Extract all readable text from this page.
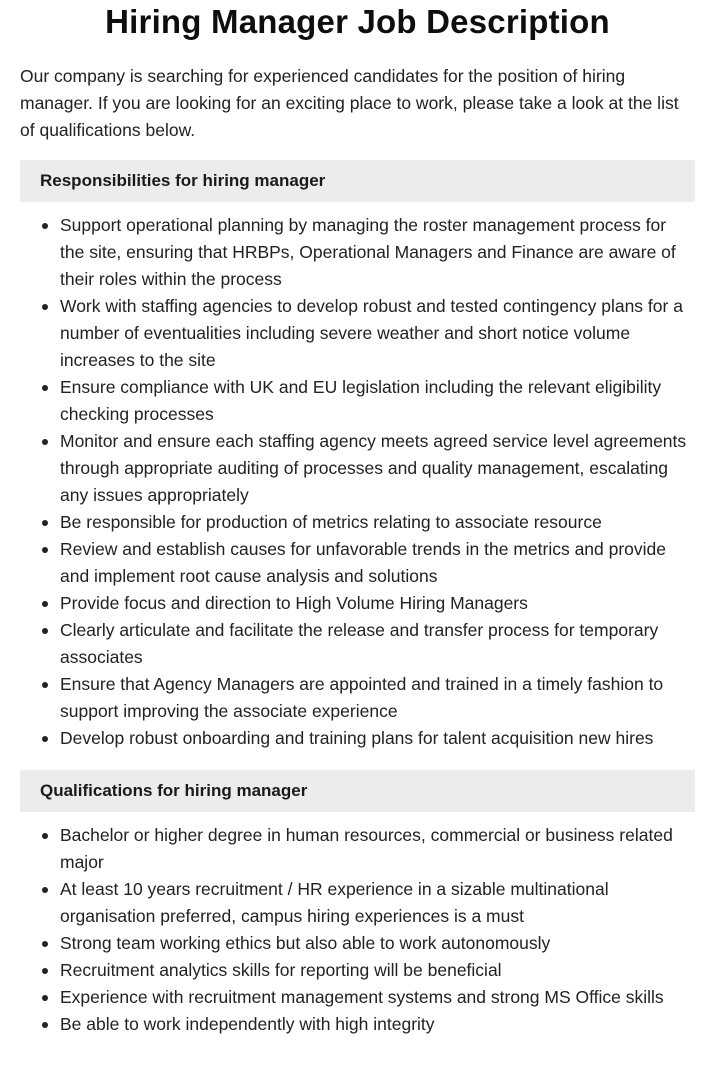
Hiring Manager Job Description

Our company is searching for experienced candidates for the position of hiring manager. If you are looking for an exciting place to work, please take a look at the list of qualifications below.

Responsibilities for hiring manager
Support operational planning by managing the roster management process for the site, ensuring that HRBPs, Operational Managers and Finance are aware of their roles within the process
Work with staffing agencies to develop robust and tested contingency plans for a number of eventualities including severe weather and short notice volume increases to the site
Ensure compliance with UK and EU legislation including the relevant eligibility checking processes
Monitor and ensure each staffing agency meets agreed service level agreements through appropriate auditing of processes and quality management, escalating any issues appropriately
Be responsible for production of metrics relating to associate resource
Review and establish causes for unfavorable trends in the metrics and provide and implement root cause analysis and solutions
Provide focus and direction to High Volume Hiring Managers
Clearly articulate and facilitate the release and transfer process for temporary associates
Ensure that Agency Managers are appointed and trained in a timely fashion to support improving the associate experience
Develop robust onboarding and training plans for talent acquisition new hires
Qualifications for hiring manager
Bachelor or higher degree in human resources, commercial or business related major
At least 10 years recruitment / HR experience in a sizable multinational organisation preferred, campus hiring experiences is a must
Strong team working ethics but also able to work autonomously
Recruitment analytics skills for reporting will be beneficial
Experience with recruitment management systems and strong MS Office skills
Be able to work independently with high integrity
